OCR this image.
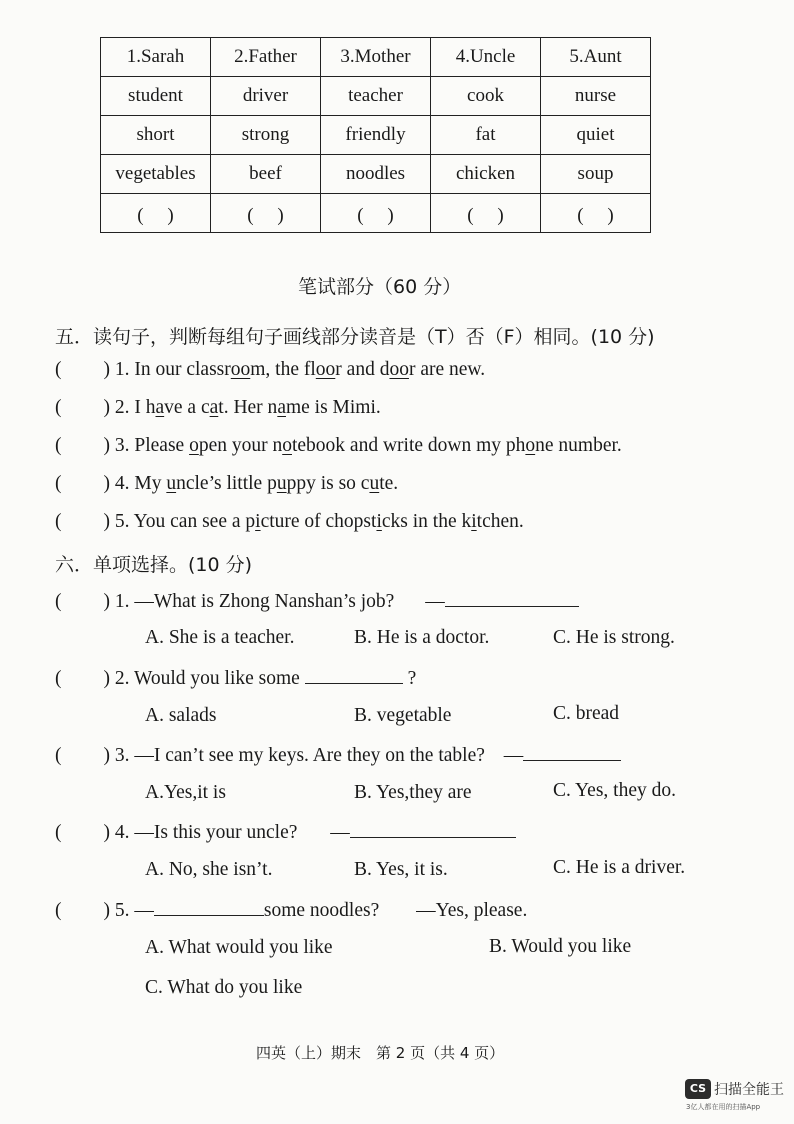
1.Sarah	2.Father	3.Mother	4.Uncle	5.Aunt
student	driver	teacher	cook	nurse
short	strong	friendly	fat	quiet
vegetables	beef	noodles	chicken	soup
(　 )	(　 )	(　 )	(　 )	(　 )
笔试部分（60 分）
五．读句子，判断每组句子画线部分读音是（T）否（F）相同。(10 分)
( ) 1. In our classroom, the floor and door are new.
( ) 2. I have a cat. Her name is Mimi.
( ) 3. Please open your notebook and write down my phone number.
( ) 4. My uncle’s little puppy is so cute.
( ) 5. You can see a picture of chopsticks in the kitchen.
六．单项选择。(10 分)
( ) 1. —What is Zhong Nanshan’s job? —
A. She is a teacher.	B. He is a doctor.	C. He is strong.
( ) 2. Would you like some	?
A. salads	B. vegetable	C. bread
( ) 3. —I can’t see my keys. Are they on the table? —
A.Yes,it is	B. Yes,they are	C. Yes, they do.
( ) 4. —Is this your uncle? —
A. No, she isn’t.	B. Yes, it is.	C. He is a driver.
( ) 5. —	some noodles? —Yes, please.
A. What would you like	B. Would you like
C. What do you like
四英（上）期末　第 2 页（共 4 页）
CS 扫描全能王
3亿人都在用的扫描App
